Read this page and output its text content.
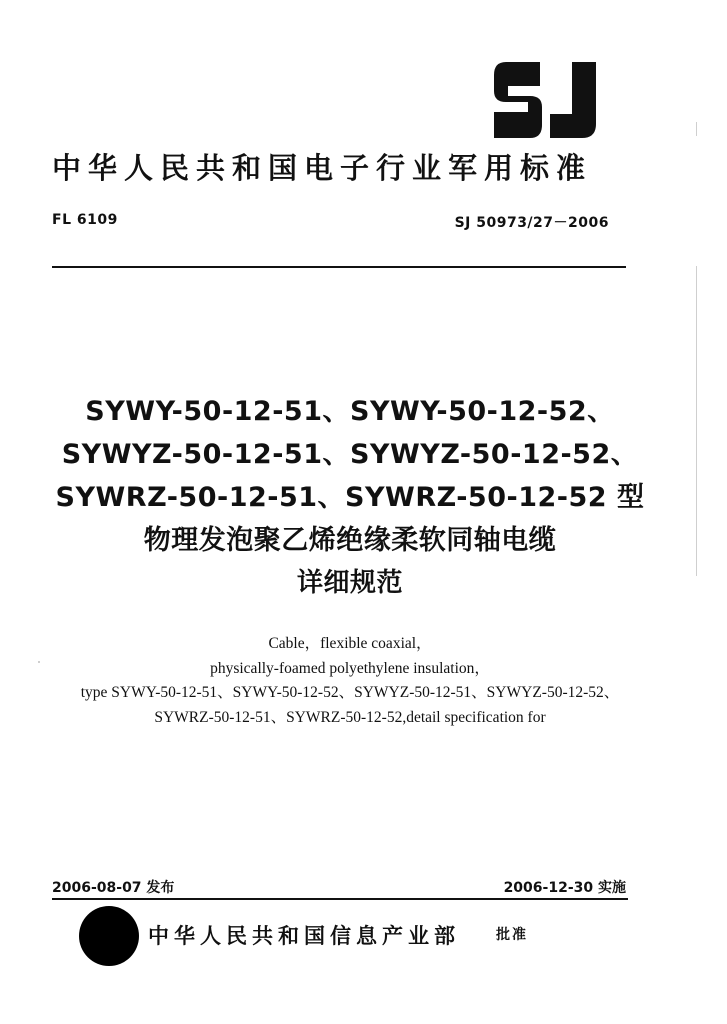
中华人民共和国电子行业军用标准
FL 6109	SJ 50973/27－2006
SYWY-50-12-51、SYWY-50-12-52、
SYWYZ-50-12-51、SYWYZ-50-12-52、
SYWRZ-50-12-51、SYWRZ-50-12-52 型
物理发泡聚乙烯绝缘柔软同轴电缆
详细规范
Cable，flexible coaxial，
physically-foamed polyethylene insulation，
type SYWY-50-12-51、SYWY-50-12-52、SYWYZ-50-12-51、SYWYZ-50-12-52、
SYWRZ-50-12-51、SYWRZ-50-12-52,detail specification for
2006-08-07 发布	2006-12-30 实施
中华人民共和国信息产业部	批准
